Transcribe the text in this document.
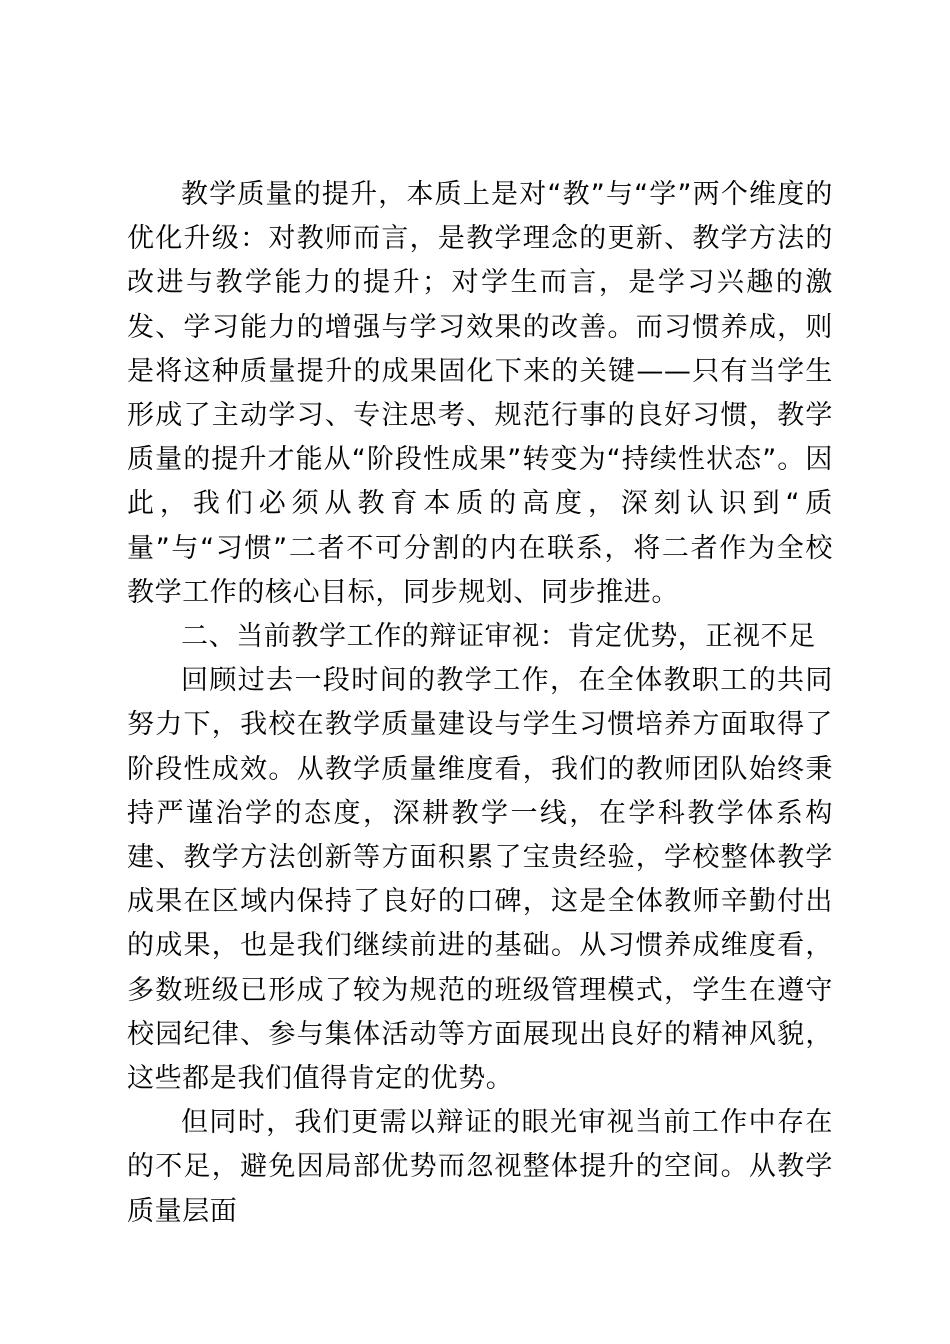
教学质量的提升，本质上是对“教”与“学”两个维度的优化升级：对教师而言，是教学理念的更新、教学方法的改进与教学能力的提升；对学生而言，是学习兴趣的激发、学习能力的增强与学习效果的改善。而习惯养成，则是将这种质量提升的成果固化下来的关键——只有当学生形成了主动学习、专注思考、规范行事的良好习惯，教学质量的提升才能从“阶段性成果”转变为“持续性状态”。因此，我们必须从教育本质的高度，深刻认识到“质量”与“习惯”二者不可分割的内在联系，将二者作为全校教学工作的核心目标，同步规划、同步推进。

二、当前教学工作的辩证审视：肯定优势，正视不足

回顾过去一段时间的教学工作，在全体教职工的共同努力下，我校在教学质量建设与学生习惯培养方面取得了阶段性成效。从教学质量维度看，我们的教师团队始终秉持严谨治学的态度，深耕教学一线，在学科教学体系构建、教学方法创新等方面积累了宝贵经验，学校整体教学成果在区域内保持了良好的口碑，这是全体教师辛勤付出的成果，也是我们继续前进的基础。从习惯养成维度看，多数班级已形成了较为规范的班级管理模式，学生在遵守校园纪律、参与集体活动等方面展现出良好的精神风貌，这些都是我们值得肯定的优势。

但同时，我们更需以辩证的眼光审视当前工作中存在的不足，避免因局部优势而忽视整体提升的空间。从教学质量层面
